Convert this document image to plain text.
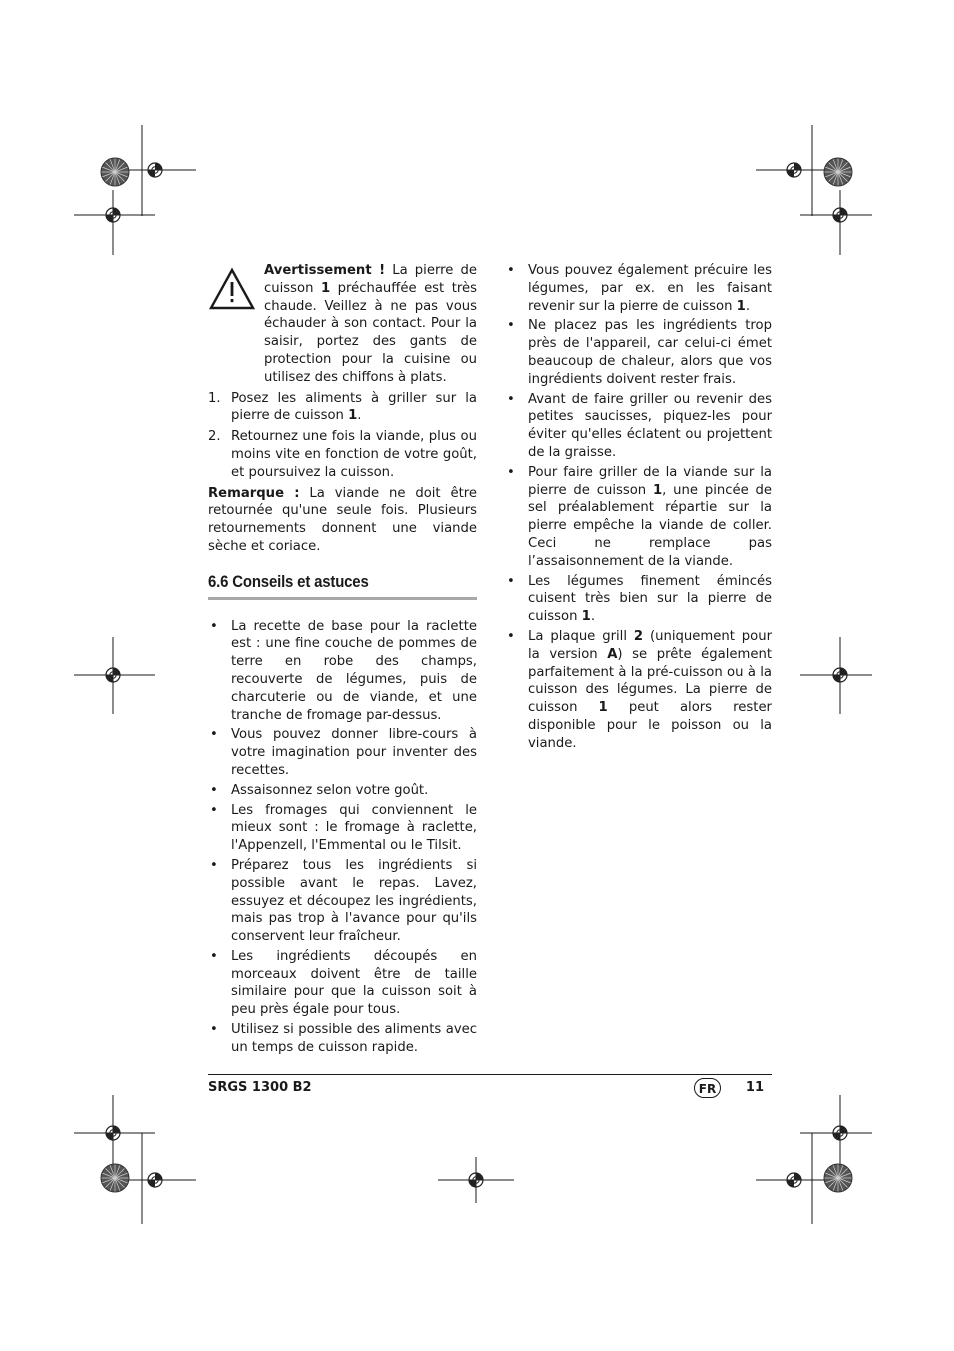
Avertissement ! La pierre de cuisson 1 préchauffée est très chaude. Veillez à ne pas vous échauder à son contact. Pour la saisir, portez des gants de protection pour la cuisine ou utilisez des chiffons à plats.

1. Posez les aliments à griller sur la pierre de cuisson 1.
2. Retournez une fois la viande, plus ou moins vite en fonction de votre goût, et poursuivez la cuisson.

Remarque : La viande ne doit être retournée qu'une seule fois. Plusieurs retournements donnent une viande sèche et coriace.

6.6 Conseils et astuces
• La recette de base pour la raclette est : une fine couche de pommes de terre en robe des champs, recouverte de légumes, puis de charcuterie ou de viande, et une tranche de fromage par-dessus.
• Vous pouvez donner libre-cours à votre imagination pour inventer des recettes.
• Assaisonnez selon votre goût.
• Les fromages qui conviennent le mieux sont : le fromage à raclette, l'Appenzell, l'Emmental ou le Tilsit.
• Préparez tous les ingrédients si possible avant le repas. Lavez, essuyez et découpez les ingrédients, mais pas trop à l'avance pour qu'ils conservent leur fraîcheur.
• Les ingrédients découpés en morceaux doivent être de taille similaire pour que la cuisson soit à peu près égale pour tous.
• Utilisez si possible des aliments avec un temps de cuisson rapide.
• Vous pouvez également précuire les légumes, par ex. en les faisant revenir sur la pierre de cuisson 1.
• Ne placez pas les ingrédients trop près de l'appareil, car celui-ci émet beaucoup de chaleur, alors que vos ingrédients doivent rester frais.
• Avant de faire griller ou revenir des petites saucisses, piquez-les pour éviter qu'elles éclatent ou projettent de la graisse.
• Pour faire griller de la viande sur la pierre de cuisson 1, une pincée de sel préalablement répartie sur la pierre empêche la viande de coller. Ceci ne remplace pas l’assaisonnement de la viande.
• Les légumes finement émincés cuisent très bien sur la pierre de cuisson 1.
• La plaque grill 2 (uniquement pour la version A) se prête également parfaitement à la pré-cuisson ou à la cuisson des légumes. La pierre de cuisson 1 peut alors rester disponible pour le poisson ou la viande.
SRGS 1300 B2	FR	11
